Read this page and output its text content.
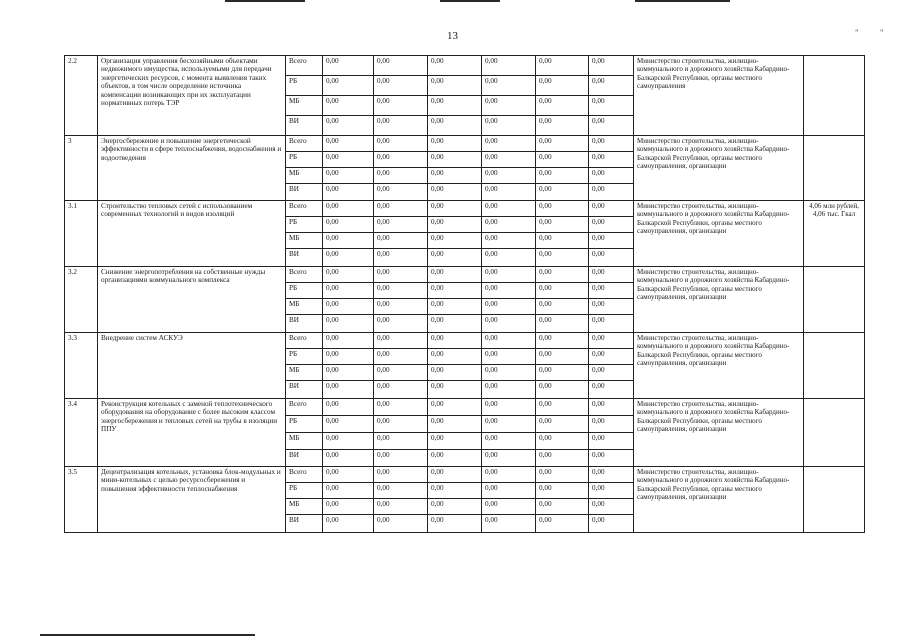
13	" "
2.2	Организация управления бесхозяйными объектами недвижимого имущества, используемыми для передачи энергетических ресурсов, с момента выявления таких объектов, в том числе определение источника компенсации возникающих при их эксплуатации нормативных потерь ТЭР	Всего	0,00	0,00	0,00	0,00	0,00	0,00	Министерство строительства, жилищно-коммунального и дорожного хозяйства Кабардино-Балкарской Республики, органы местного самоуправления	
		РБ	0,00	0,00	0,00	0,00	0,00	0,00		
		МБ	0,00	0,00	0,00	0,00	0,00	0,00		
		ВИ	0,00	0,00	0,00	0,00	0,00	0,00		
3	Энергосбережение и повышение энергетической эффективности в сфере теплоснабжения, водоснабжения и водоотведения	Всего	0,00	0,00	0,00	0,00	0,00	0,00	Министерство строительства, жилищно-коммунального и дорожного хозяйства Кабардино-Балкарской Республики, органы местного самоуправления, организации	
		РБ	0,00	0,00	0,00	0,00	0,00	0,00		
		МБ	0,00	0,00	0,00	0,00	0,00	0,00		
		ВИ	0,00	0,00	0,00	0,00	0,00	0,00		
3.1	Строительство тепловых сетей с использованием современных технологий и видов изоляций	Всего	0,00	0,00	0,00	0,00	0,00	0,00	Министерство строительства, жилищно-коммунального и дорожного хозяйства Кабардино-Балкарской Республики, органы местного самоуправления, организации	4,06 млн рублей, 4,06 тыс. Гкал
		РБ	0,00	0,00	0,00	0,00	0,00	0,00		
		МБ	0,00	0,00	0,00	0,00	0,00	0,00		
		ВИ	0,00	0,00	0,00	0,00	0,00	0,00		
3.2	Снижение энергопотребления на собственные нужды организациями коммунального комплекса	Всего	0,00	0,00	0,00	0,00	0,00	0,00	Министерство строительства, жилищно-коммунального и дорожного хозяйства Кабардино-Балкарской Республики, органы местного самоуправления, организации	
		РБ	0,00	0,00	0,00	0,00	0,00	0,00		
		МБ	0,00	0,00	0,00	0,00	0,00	0,00		
		ВИ	0,00	0,00	0,00	0,00	0,00	0,00		
3.3	Внедрение систем АСКУЭ	Всего	0,00	0,00	0,00	0,00	0,00	0,00	Министерство строительства, жилищно-коммунального и дорожного хозяйства Кабардино-Балкарской Республики, органы местного самоуправления, организации	
		РБ	0,00	0,00	0,00	0,00	0,00	0,00		
		МБ	0,00	0,00	0,00	0,00	0,00	0,00		
		ВИ	0,00	0,00	0,00	0,00	0,00	0,00		
3.4	Реконструкция котельных с заменой теплотехнического оборудования на оборудование с более высоким классом энергосбережения и тепловых сетей на трубы в изоляции ППУ	Всего	0,00	0,00	0,00	0,00	0,00	0,00	Министерство строительства, жилищно-коммунального и дорожного хозяйства Кабардино-Балкарской Республики, органы местного самоуправления, организации	
		РБ	0,00	0,00	0,00	0,00	0,00	0,00		
		МБ	0,00	0,00	0,00	0,00	0,00	0,00		
		ВИ	0,00	0,00	0,00	0,00	0,00	0,00		
3.5	Децентрализация котельных, установка блок-модульных и мини-котельных с целью ресурсосбережения и повышения эффективности теплоснабжения	Всего	0,00	0,00	0,00	0,00	0,00	0,00	Министерство строительства, жилищно-коммунального и дорожного хозяйства Кабардино-Балкарской Республики, органы местного самоуправления, организации	
		РБ	0,00	0,00	0,00	0,00	0,00	0,00		
		МБ	0,00	0,00	0,00	0,00	0,00	0,00		
		ВИ	0,00	0,00	0,00	0,00	0,00	0,00		
